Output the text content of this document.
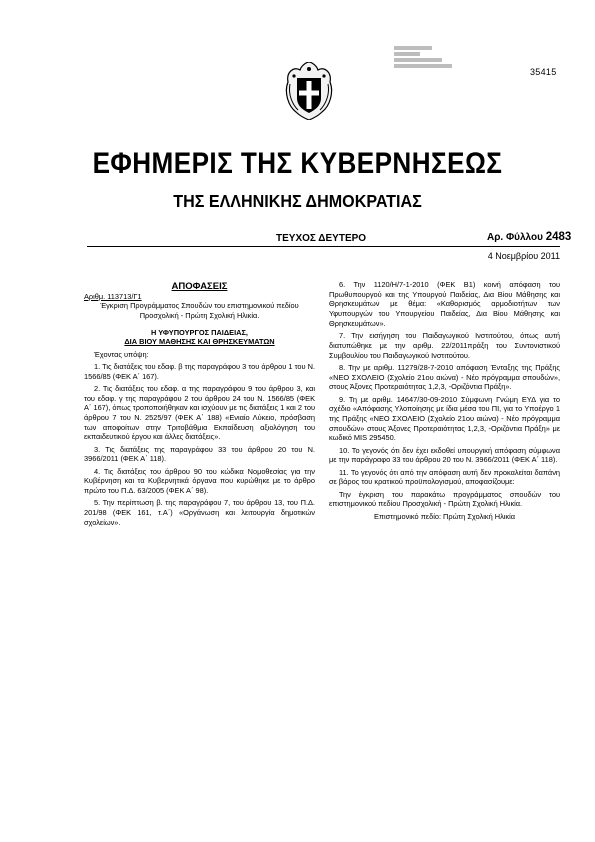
35415
ΕΦΗΜΕΡΙΣ ΤΗΣ ΚΥΒΕΡΝΗΣΕΩΣ
ΤΗΣ ΕΛΛΗΝΙΚΗΣ ΔΗΜΟΚΡΑΤΙΑΣ
ΤΕΥΧΟΣ ΔΕΥΤΕΡΟ	Αρ. Φύλλου 2483
4 Νοεμβρίου 2011

ΑΠΟΦΑΣΕΙΣ

Αριθμ. 113713/Γ1

Έγκριση Προγράμματος Σπουδών του επιστημονικού πεδίου Προσχολική - Πρώτη Σχολική Ηλικία.

Η ΥΦΥΠΟΥΡΓΟΣ ΠΑΙΔΕΙΑΣ,

ΔΙΑ ΒΙΟΥ ΜΑΘΗΣΗΣ ΚΑΙ ΘΡΗΣΚΕΥΜΑΤΩΝ

Έχοντας υπόψη:

1. Τις διατάξεις του εδαφ. β της παραγράφου 3 του άρθρου 1 του Ν. 1566/85 (ΦΕΚ Α΄ 167).

2. Τις διατάξεις του εδαφ. α της παραγράφου 9 του άρθρου 3, και του εδαφ. γ της παραγράφου 2 του άρθρου 24 του Ν. 1566/85 (ΦΕΚ Α΄ 167), όπως τροποποιήθηκαν και ισχύουν με τις διατάξεις 1 και 2 του άρθρου 7 του Ν. 2525/97 (ΦΕΚ Α΄ 188) «Ενιαίο Λύκειο, πρόσβαση των αποφοίτων στην Τριτοβάθμια Εκπαίδευση αξιολόγηση του εκπαιδευτικού έργου και άλλες διατάξεις».

3. Τις διατάξεις της παραγράφου 33 του άρθρου 20 του Ν. 3966/2011 (ΦΕΚ Α΄ 118).

4. Τις διατάξεις του άρθρου 90 του κώδικα Νομοθεσίας για την Κυβέρνηση και τα Κυβερνητικά όργανα που κυρώθηκε με το άρθρο πρώτο του Π.Δ. 63/2005 (ΦΕΚ Α΄ 98).

5. Την περίπτωση β. της παραγράφου 7, του άρθρου 13, του Π.Δ. 201/98 (ΦΕΚ 161, τ.Α΄) «Οργάνωση και λειτουργία δημοτικών σχολείων».

6. Την 1120/Η/7-1-2010 (ΦΕΚ Β1) κοινή απόφαση του Πρωθυπουργού και της Υπουργού Παιδείας, Δια Βίου Μάθησης και Θρησκευμάτων με θέμα: «Καθορισμός αρμοδιοτήτων των Υφυπουργών του Υπουργείου Παιδείας, Δια Βίου Μάθησης και Θρησκευμάτων».

7. Την εισήγηση του Παιδαγωγικού Ινστιτούτου, όπως αυτή διατυπώθηκε με την αριθμ. 22/2011πράξη του Συντονιστικού Συμβουλίου του Παιδαγωγικού Ινστιτούτου.

8. Την με αριθμ. 11279/28-7-2010 απόφαση Ένταξης της Πράξης «ΝΕΟ ΣΧΟΛΕΙΟ (Σχολείο 21ου αιώνα) - Νέο πρόγραμμα σπουδών», στους Άξονες Προτεραιότητας 1,2,3, -Οριζόντια Πράξη».

9. Τη με αριθμ. 14647/30-09-2010 Σύμφωνη Γνώμη ΕΥΔ για το σχέδιο «Απόφασης Υλοποίησης με ίδια μέσα του ΠΙ, για το Υποέργο 1 της Πράξης «ΝΕΟ ΣΧΟΛΕΙΟ (Σχολείο 21ου αιώνα) - Νέο πρόγραμμα σπουδών» στους Άξονες Προτεραιότητας 1,2,3, -Οριζόντια Πράξη» με κωδικό MIS 295450.

10. Το γεγονός ότι δεν έχει εκδοθεί υπουργική απόφαση σύμφωνα με την παράγραφο 33 του άρθρου 20 του Ν. 3966/2011 (ΦΕΚ Α΄ 118).

11. Το γεγονός ότι από την απόφαση αυτή δεν προκαλείται δαπάνη σε βάρος του κρατικού προϋπολογισμού, αποφασίζουμε:

Την έγκριση του παρακάτω προγράμματος σπουδών του επιστημονικού πεδίου Προσχολική - Πρώτη Σχολική Ηλικία.

Επιστημονικό πεδίο: Πρώτη Σχολική Ηλικία
